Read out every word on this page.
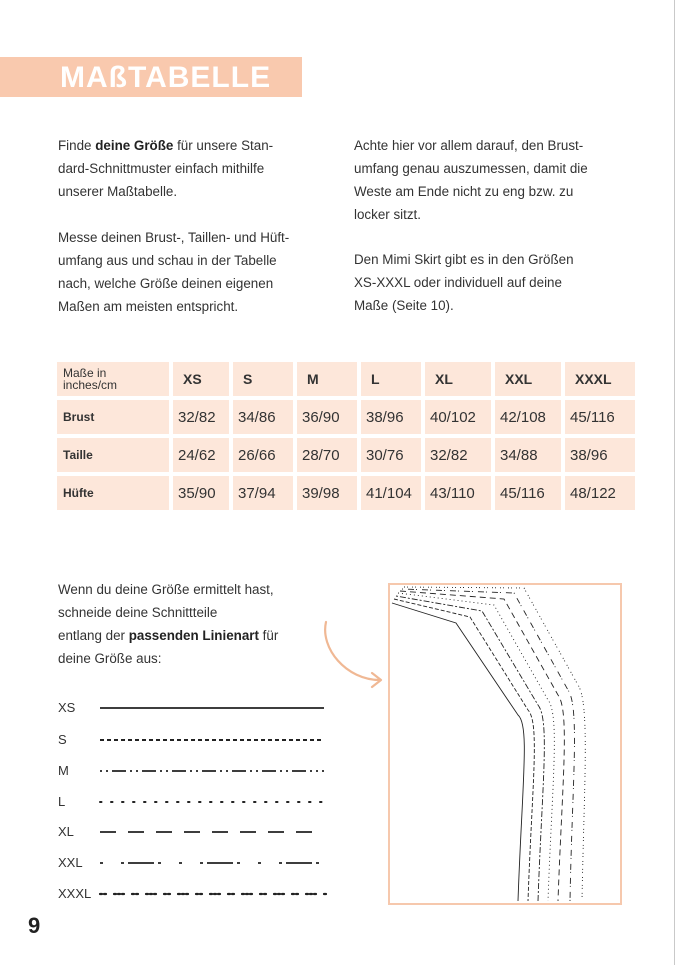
MAßTABELLE

Finde deine Größe für unsere Stan-
dard-Schnittmuster einfach mithilfe
unserer Maßtabelle.

Messe deinen Brust-, Taillen- und Hüft-
umfang aus und schau in der Tabelle
nach, welche Größe deinen eigenen
Maßen am meisten entspricht.

Achte hier vor allem darauf, den Brust-
umfang genau auszumessen, damit die
Weste am Ende nicht zu eng bzw. zu
locker sitzt.

Den Mimi Skirt gibt es in den Größen
XS-XXXL oder individuell auf deine
Maße (Seite 10).

Maße in
inches/cm	XS	S	M	L	XL	XXL	XXXL
Brust	32/82	34/86	36/90	38/96	40/102	42/108	45/116
Taille	24/62	26/66	28/70	30/76	32/82	34/88	38/96
Hüfte	35/90	37/94	39/98	41/104	43/110	45/116	48/122

Wenn du deine Größe ermittelt hast,
schneide deine Schnittteile
entlang der passenden Linienart für
deine Größe aus:

XS
S
M
L
XL
XXL
XXXL
9
